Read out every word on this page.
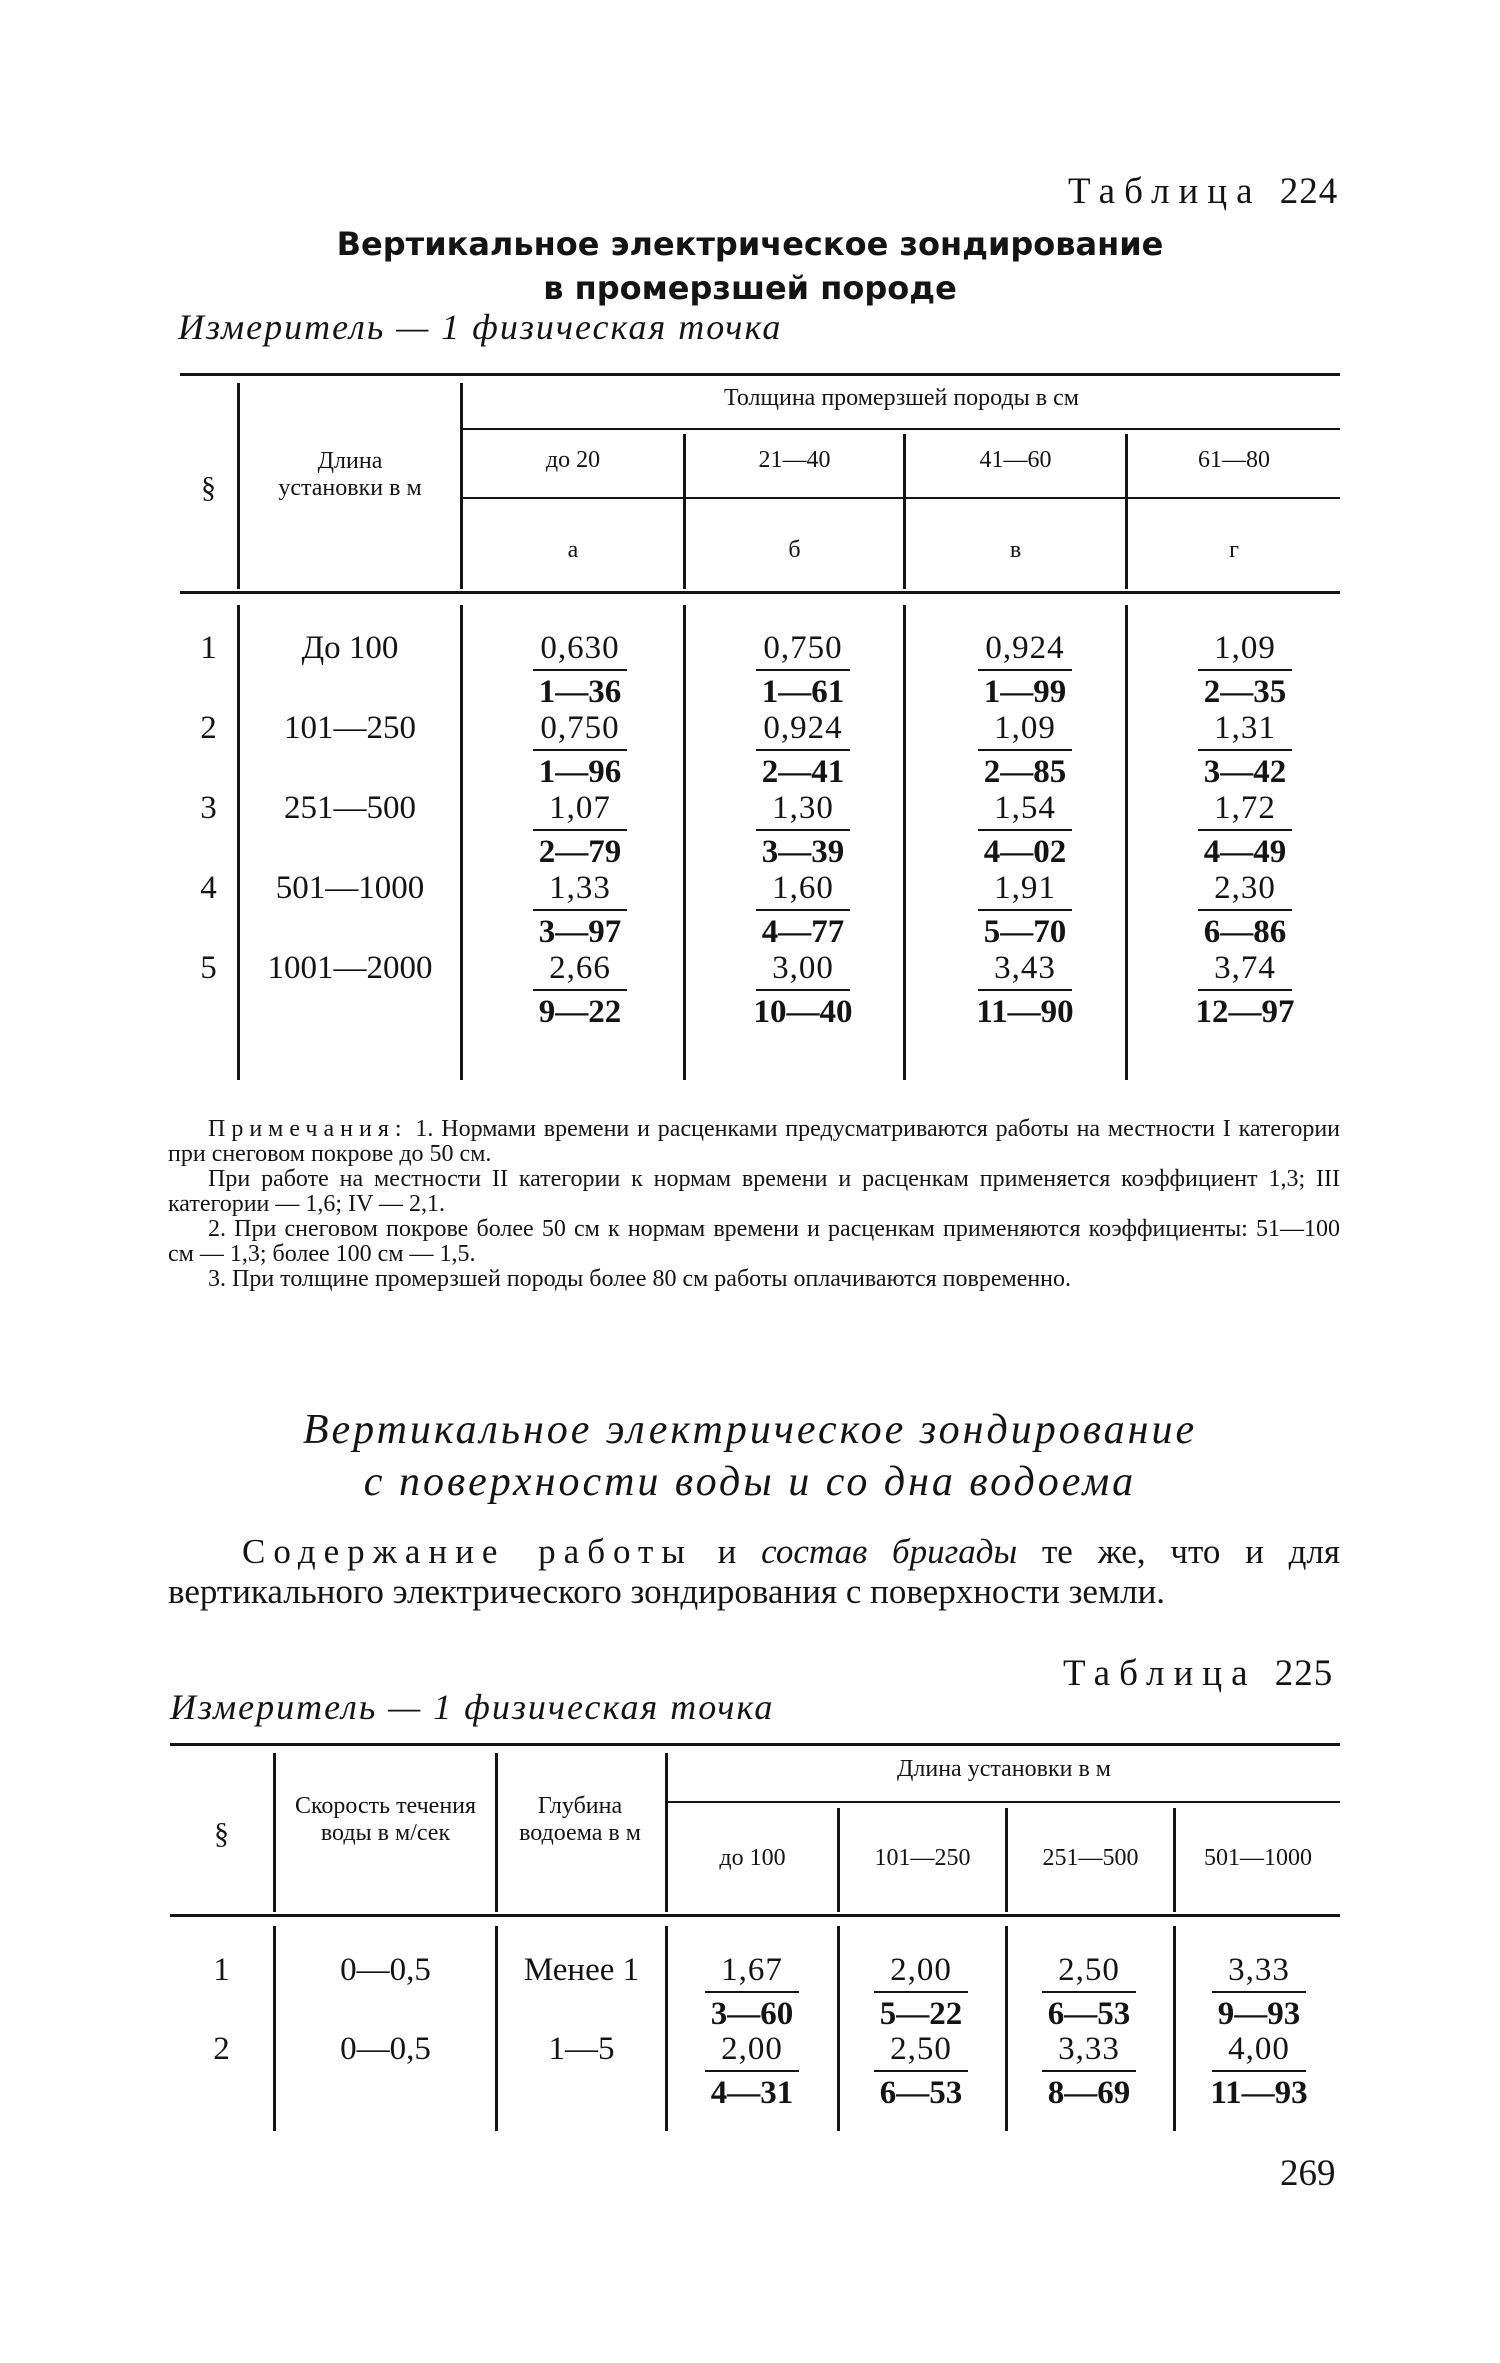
Таблица 224
Вертикальное электрическое зондирование
в промерзшей породе
Измеритель — 1 физическая точка
§
Длина установки в м
Толщина промерзшей породы в см
до 20	21—40	41—60	61—80
а	б	в	г
1	До 100	$\frac{0,630}{1—36}$	$\frac{0,750}{1—61}$	$\frac{0,924}{1—99}$	$\frac{1,09}{2—35}$
2	101—250	$\frac{0,750}{1—96}$	$\frac{0,924}{2—41}$	$\frac{1,09}{2—85}$	$\frac{1,31}{3—42}$
3	251—500	$\frac{1,07}{2—79}$	$\frac{1,30}{3—39}$	$\frac{1,54}{4—02}$	$\frac{1,72}{4—49}$
4	501—1000	$\frac{1,33}{3—97}$	$\frac{1,60}{4—77}$	$\frac{1,91}{5—70}$	$\frac{2,30}{6—86}$
5	1001—2000	$\frac{2,66}{9—22}$	$\frac{3,00}{10—40}$	$\frac{3,43}{11—90}$	$\frac{3,74}{12—97}$

Примечания: 1. Нормами времени и расценками предусматриваются работы на местности I категории при снеговом покрове до 50 см.

При работе на местности II категории к нормам времени и расценкам применяется коэффициент 1,3; III категории — 1,6; IV — 2,1.

2. При снеговом покрове более 50 см к нормам времени и расценкам применяются коэффициенты: 51—100 см — 1,3; более 100 см — 1,5.

3. При толщине промерзшей породы более 80 см работы оплачиваются повременно.

Вертикальное электрическое зондирование
с поверхности воды и со дна водоема
Содержание работы и состав бригады те же, что и для вертикального электрического зондирования с поверхности земли.
Таблица 225
Измеритель — 1 физическая точка
§
Скорость течения воды в м/сек
Глубина водоема в м
Длина установки в м
до 100	101—250	251—500	501—1000
1	0—0,5	Менее 1	$\frac{1,67}{3—60} \frac{2,00}{5—22} \frac{2,50}{6—53} \frac{3,33}{9—93}$
2	0—0,5	1—5	$\frac{2,00}{4—31} \frac{2,50}{6—53} \frac{3,33}{8—69} \frac{4,00}{11—93}$
269
